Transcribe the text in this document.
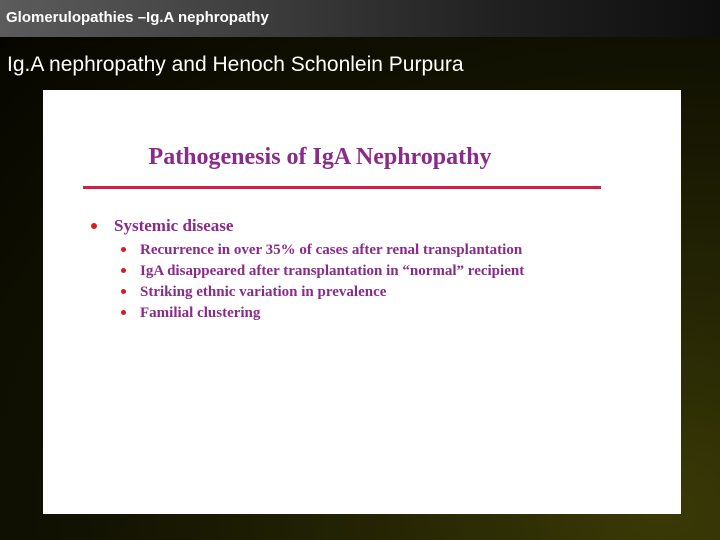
Glomerulopathies –Ig.A nephropathy
Ig.A nephropathy and Henoch Schonlein Purpura
Pathogenesis of IgA Nephropathy
Systemic disease
Recurrence in over 35% of cases after renal transplantation
IgA disappeared after transplantation in “normal” recipient
Striking ethnic variation in prevalence
Familial clustering
